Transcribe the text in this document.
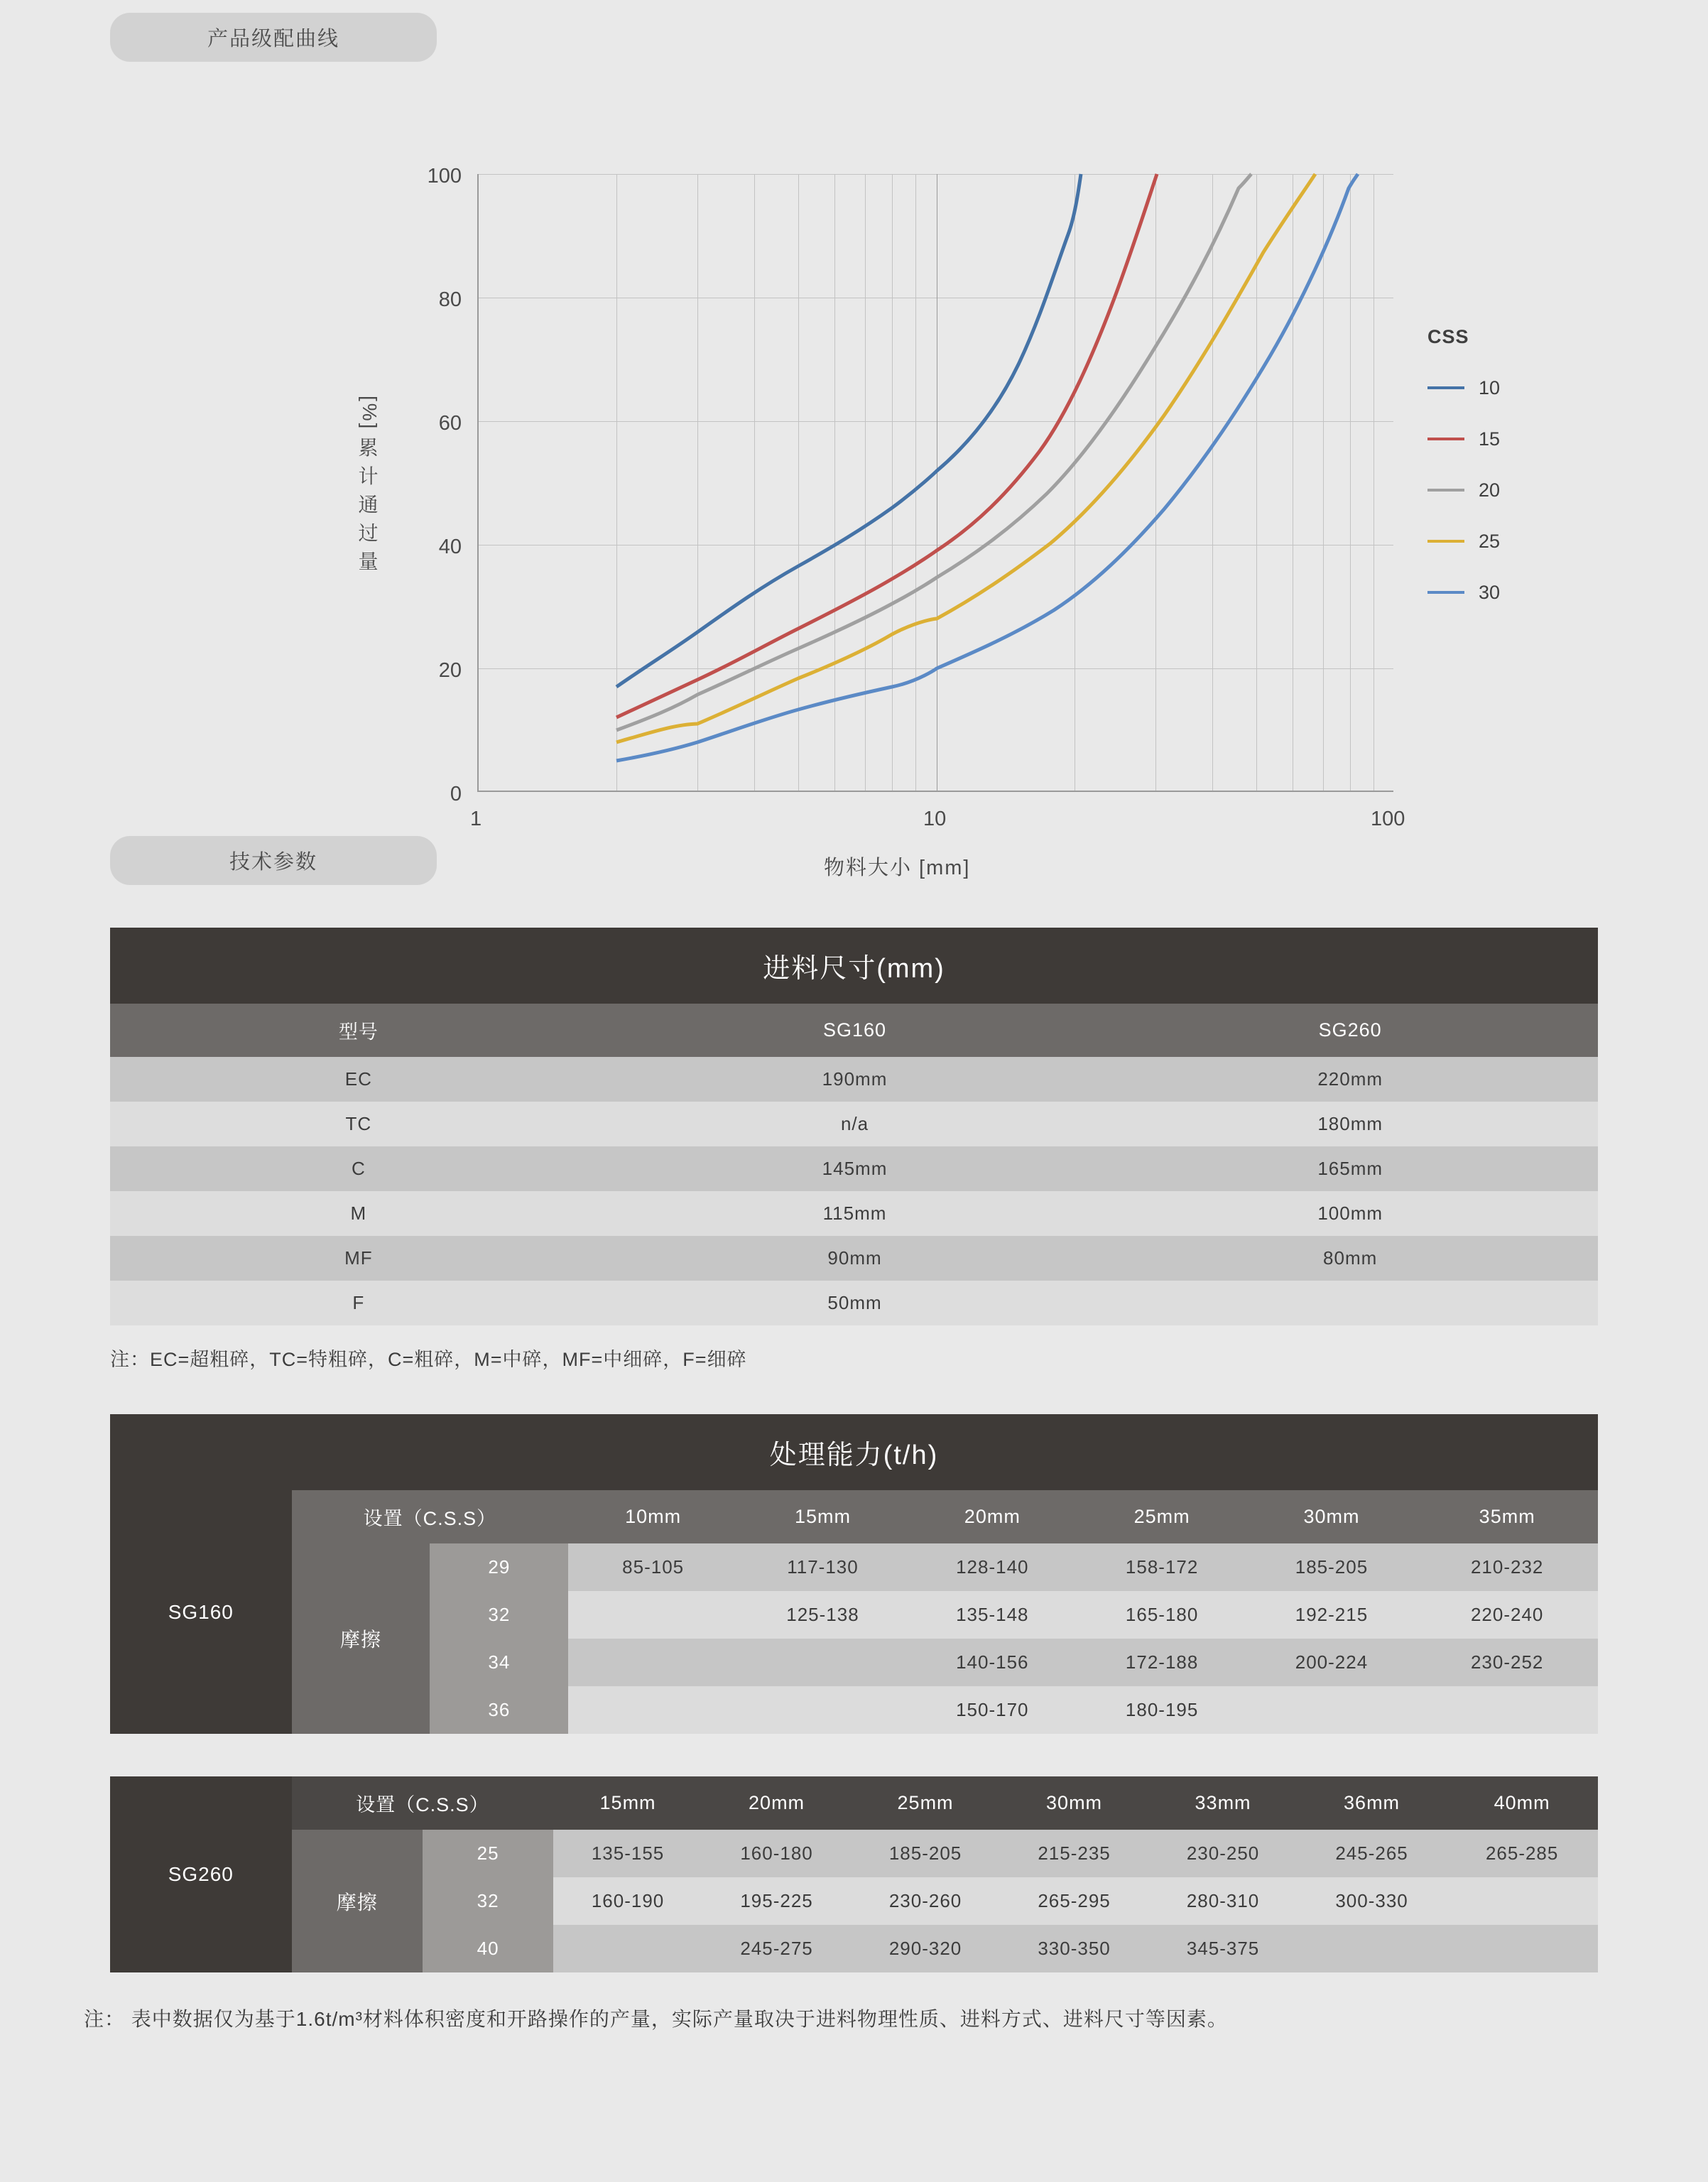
产品级配曲线
100
80
60
40
20
0
[%]
累
计
通
过
量
1	10	100
物料大小 [mm]
CSS
10
15
20
25
30
技术参数
进料尺寸(mm)		
型号	SG160	SG260
EC	190mm	220mm
TC	n/a	180mm
C	145mm	165mm
M	115mm	100mm
MF	90mm	80mm
F	50mm	
注：EC=超粗碎，TC=特粗碎，C=粗碎，M=中碎，MF=中细碎，F=细碎
处理能力(t/h)								
SG160	设置（C.S.S）		10mm	15mm	20mm	25mm	30mm	35mm
	摩擦	29	85-105	117-130	128-140	158-172	185-205	210-232
		32		125-138	135-148	165-180	192-215	220-240
		34			140-156	172-188	200-224	230-252
		36			150-170	180-195		
SG260	设置（C.S.S）		15mm	20mm	25mm	30mm	33mm	36mm	40mm
	摩擦	25	135-155	160-180	185-205	215-235	230-250	245-265	265-285
		32	160-190	195-225	230-260	265-295	280-310	300-330	
		40		245-275	290-320	330-350	345-375		
注： 表中数据仅为基于1.6t/m³材料体积密度和开路操作的产量，实际产量取决于进料物理性质、进料方式、进料尺寸等因素。
